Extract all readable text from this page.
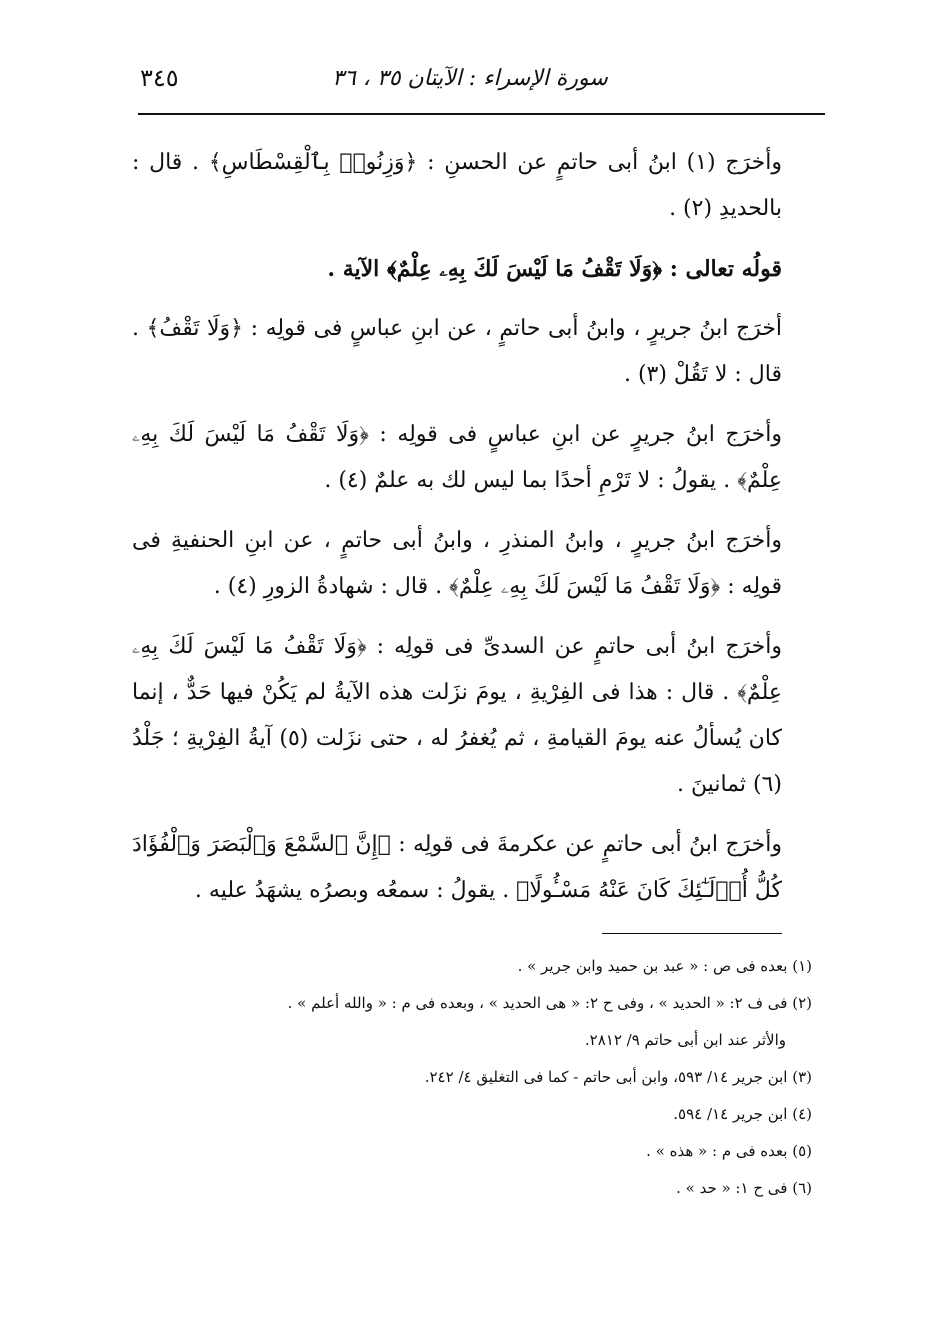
سورة الإسراء : الآيتان ٣٥ ، ٣٦
٣٤٥

وأخرَج (١) ابنُ أبى حاتمٍ عن الحسنِ : ﴿وَزِنُوا۟ بِٱلْقِسْطَاسِ﴾ . قال : بالحديدِ (٢) .

قولُه تعالى : ﴿وَلَا تَقْفُ مَا لَيْسَ لَكَ بِهِۦ عِلْمٌ﴾ الآية .

أخرَج ابنُ جريرٍ ، وابنُ أبى حاتمٍ ، عن ابنِ عباسٍ فى قولِه : ﴿وَلَا تَقْفُ﴾ . قال : لا تَقُلْ (٣) .

وأخرَج ابنُ جريرٍ عن ابنِ عباسٍ فى قولِه : ﴿وَلَا تَقْفُ مَا لَيْسَ لَكَ بِهِۦ عِلْمٌ﴾ . يقولُ : لا تَرْمِ أحدًا بما ليس لك به علمٌ (٤) .

وأخرَج ابنُ جريرٍ ، وابنُ المنذرِ ، وابنُ أبى حاتمٍ ، عن ابنِ الحنفيةِ فى قولِه : ﴿وَلَا تَقْفُ مَا لَيْسَ لَكَ بِهِۦ عِلْمٌ﴾ . قال : شهادةُ الزورِ (٤) .

وأخرَج ابنُ أبى حاتمٍ عن السدىِّ فى قولِه : ﴿وَلَا تَقْفُ مَا لَيْسَ لَكَ بِهِۦ عِلْمٌ﴾ . قال : هذا فى الفِرْيةِ ، يومَ نزَلت هذه الآيةُ لم يَكُنْ فيها حَدٌّ ، إنما كان يُسألُ عنه يومَ القيامةِ ، ثم يُغفرُ له ، حتى نزَلت (٥) آيةُ الفِرْيةِ ؛ جَلْدُ (٦) ثمانينَ .

وأخرَج ابنُ أبى حاتمٍ عن عكرمةَ فى قولِه : ﴿إِنَّ ٱلسَّمْعَ وَٱلْبَصَرَ وَٱلْفُؤَادَ كُلُّ أُو۟لَـٰٓئِكَ كَانَ عَنْهُ مَسْـُٔولًا﴾ . يقولُ : سمعُه وبصرُه يشهَدُ عليه .

(١) بعده فى ص : « عبد بن حميد وابن جرير » .

(٢) فى ف ٢: « الحديد » ، وفى ح ٢: « هى الحديد » ، وبعده فى م : « والله أعلم » .

والأثر عند ابن أبى حاتم ٩/ ٢٨١٢.

(٣) ابن جرير ١٤/ ٥٩٣، وابن أبى حاتم - كما فى التغليق ٤/ ٢٤٢.

(٤) ابن جرير ١٤/ ٥٩٤.

(٥) بعده فى م : « هذه » .

(٦) فى ح ١: « حد » .
